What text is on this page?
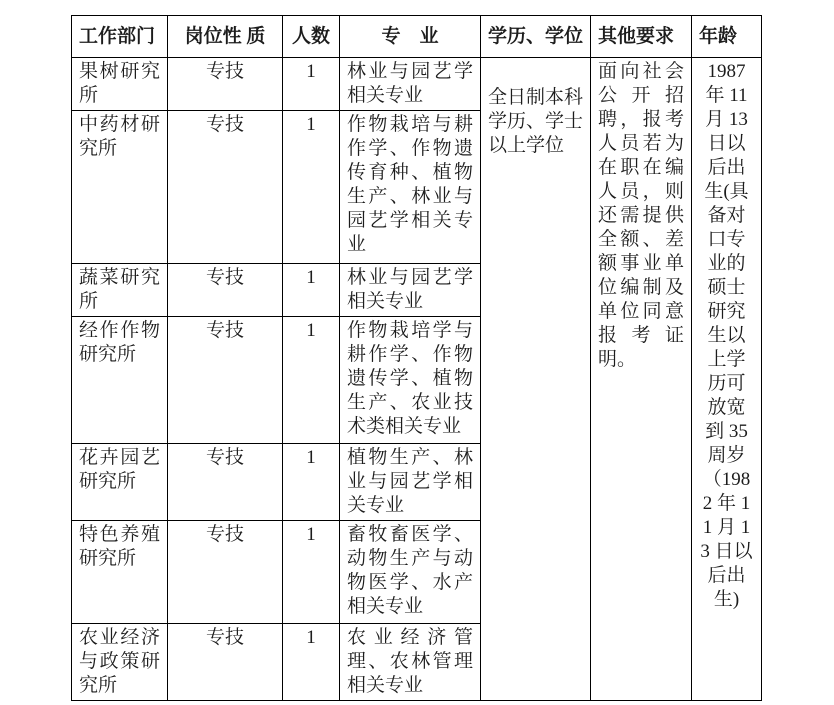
工作部门	岗位性 质	人数	专　业	学历、学位	其他要求	年龄
果树研究所	专技	1	林业与园艺学相关专业	全日制本科学历、学士以上学位	面向社会公开招聘，报考人员若为在职在编人员，则还需提供全额、差额事业单位编制及单位同意报考证明。	1987 年 11 月 13 日以后出生(具备对口专业的硕士研究生以上学历可放宽到 35 周岁（1982 年 11 月 13 日以后出生)
中药材研究所	专技	1	作物栽培与耕作学、作物遗传育种、植物生产、林业与园艺学相关专业			
蔬菜研究所	专技	1	林业与园艺学相关专业			
经作作物研究所	专技	1	作物栽培学与耕作学、作物遗传学、植物生产、农业技术类相关专业			
花卉园艺研究所	专技	1	植物生产、林业与园艺学相关专业			
特色养殖研究所	专技	1	畜牧畜医学、动物生产与动物医学、水产相关专业			
农业经济与政策研究所	专技	1	农业经济管理、农林管理相关专业			
